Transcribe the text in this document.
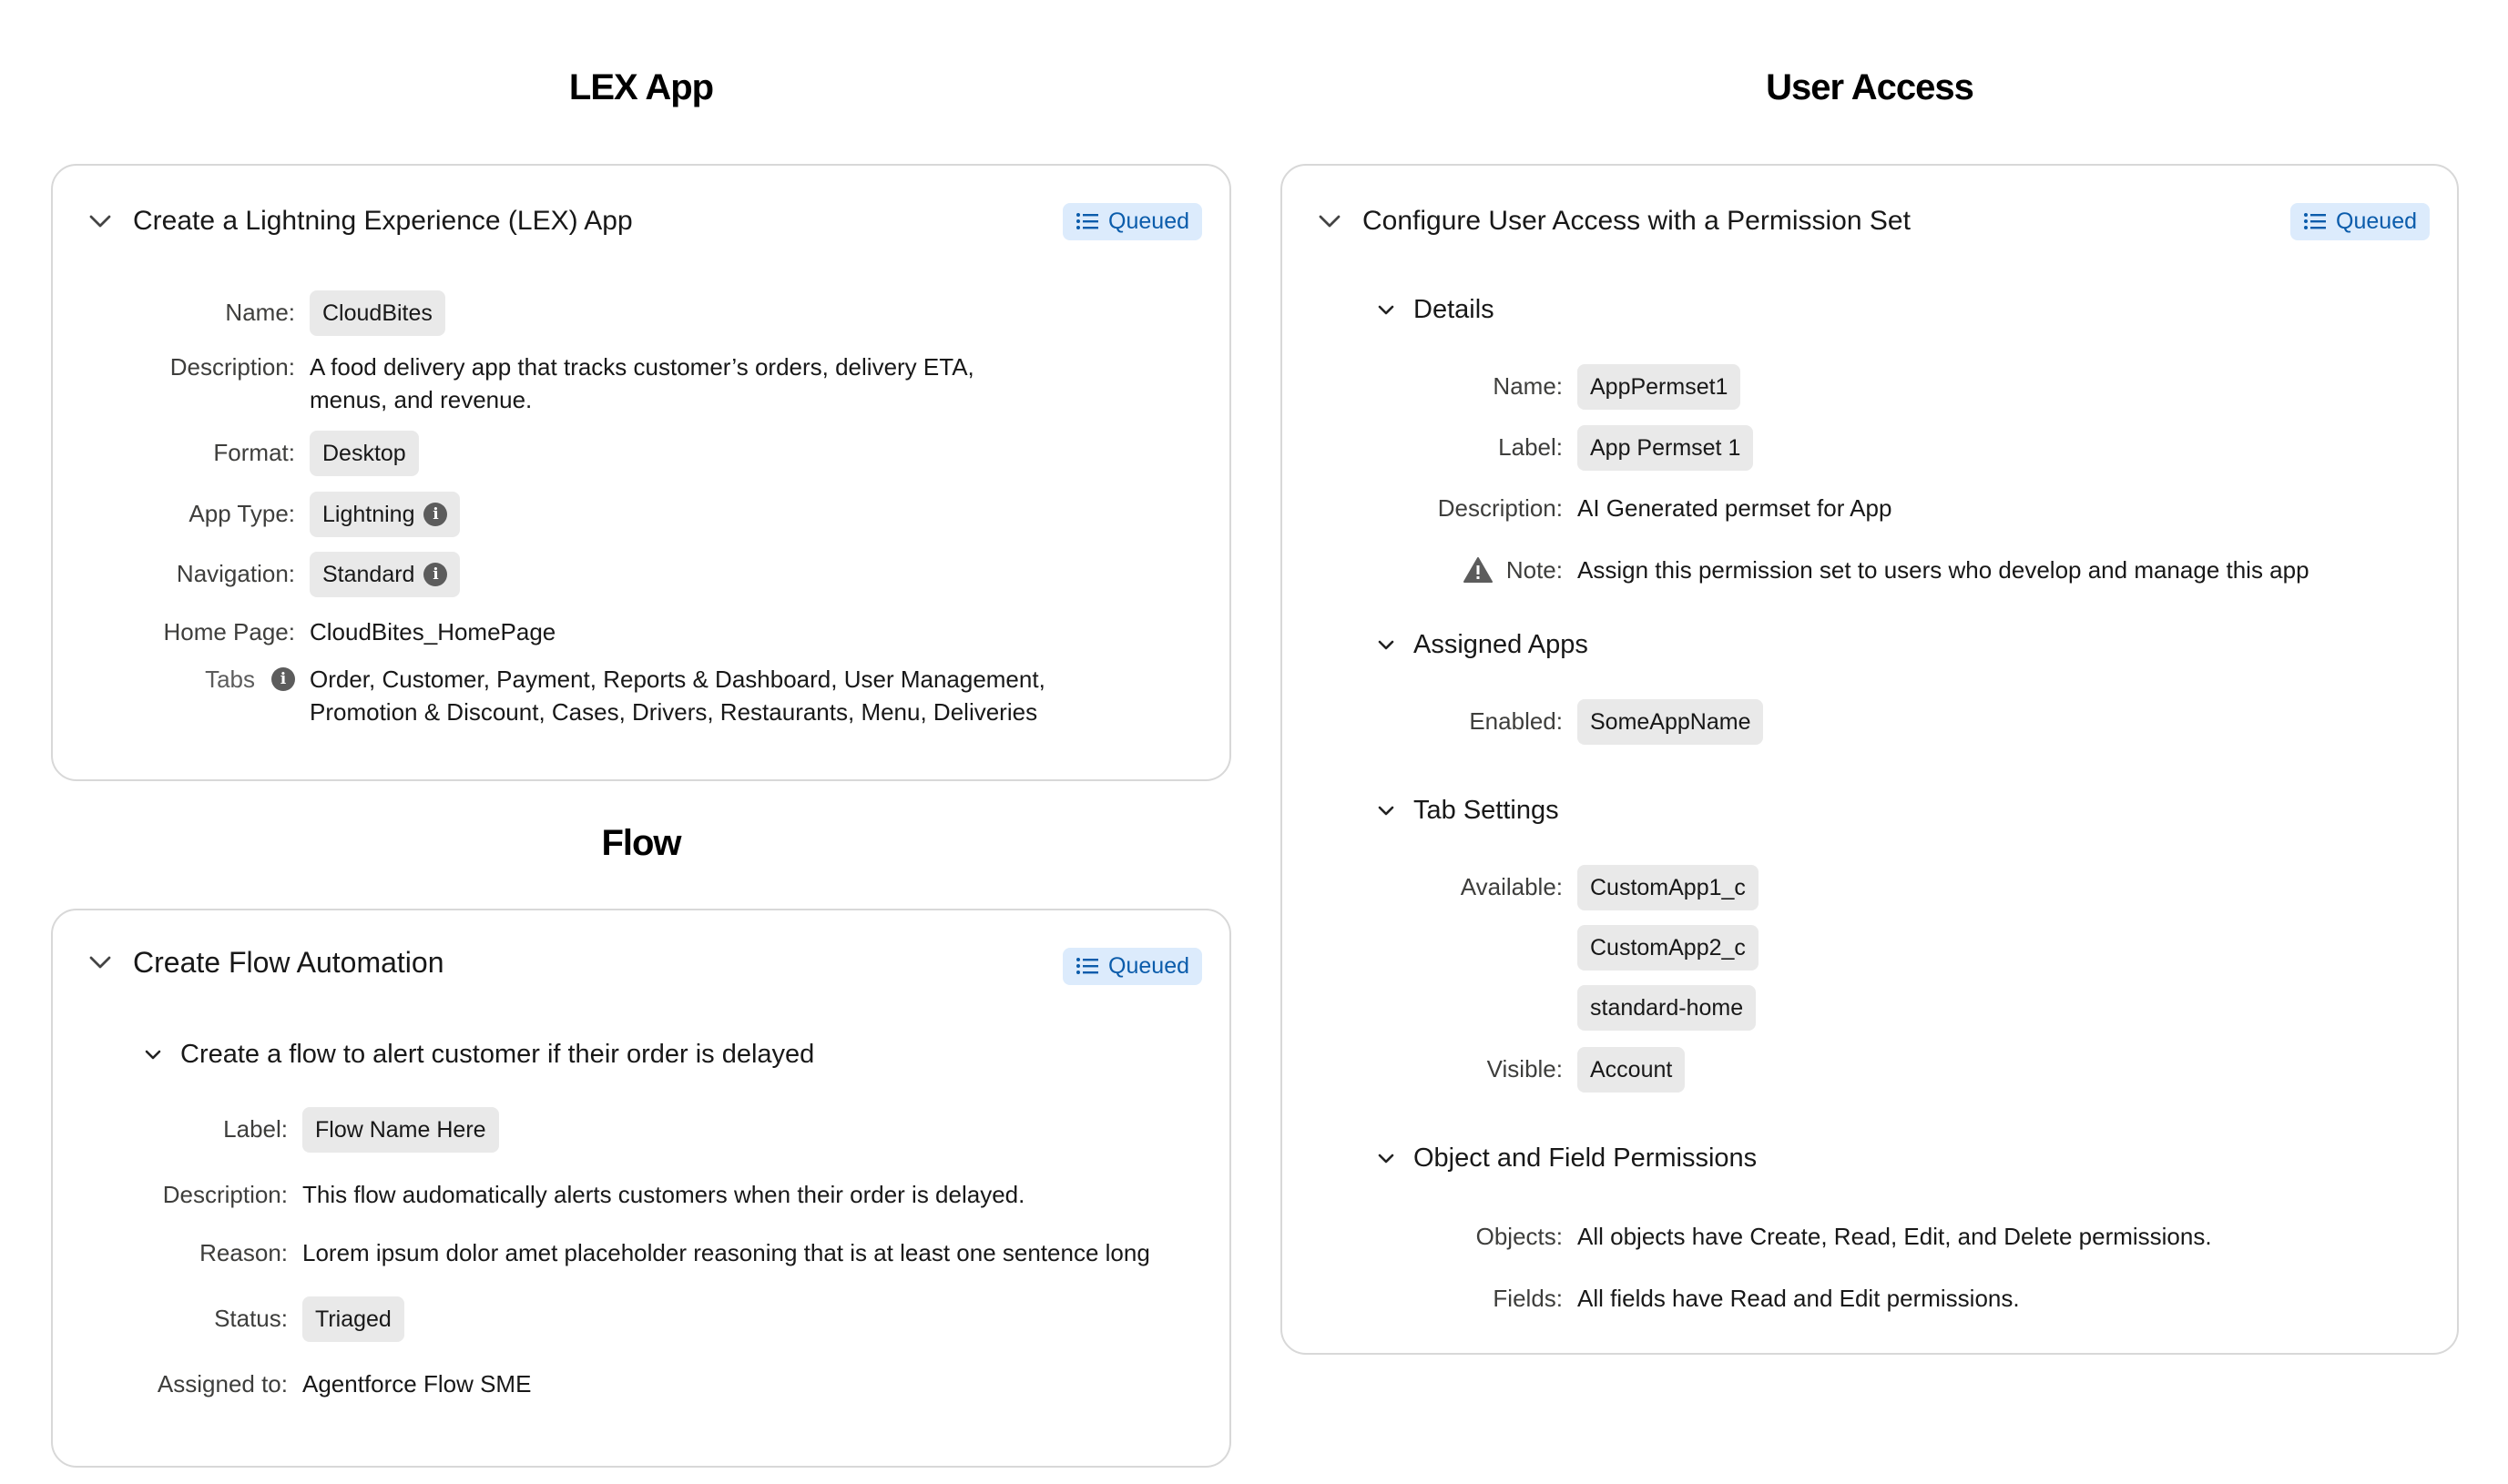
LEX App
Create a Lightning Experience (LEX) App	Queued
Name:	CloudBites
Description: A food delivery app that tracks customer’s orders, delivery ETA,
menus, and revenue.
Format:	Desktop
App Type:	Lightning	i
Navigation:	Standard	i
Home Page: CloudBites_HomePage
Tabs	i Order, Customer, Payment, Reports & Dashboard, User Management,
Promotion & Discount, Cases, Drivers, Restaurants, Menu, Deliveries
Flow
Create Flow Automation	Queued
Create a flow to alert customer if their order is delayed
Label:	Flow Name Here
Description: This flow audomatically alerts customers when their order is delayed.
Reason: Lorem ipsum dolor amet placeholder reasoning that is at least one sentence long
Status:	Triaged
Assigned to: Agentforce Flow SME
User Access
Configure User Access with a Permission Set	Queued
Details
Name:	AppPermset1
Label:	App Permset 1
Description: AI Generated permset for App
Note: Assign this permission set to users who develop and manage this app
Assigned Apps
Enabled:	SomeAppName
Tab Settings
Available:	CustomApp1_c
CustomApp2_c
standard-home
Visible:	Account
Object and Field Permissions
Objects: All objects have Create, Read, Edit, and Delete permissions.
Fields: All fields have Read and Edit permissions.
